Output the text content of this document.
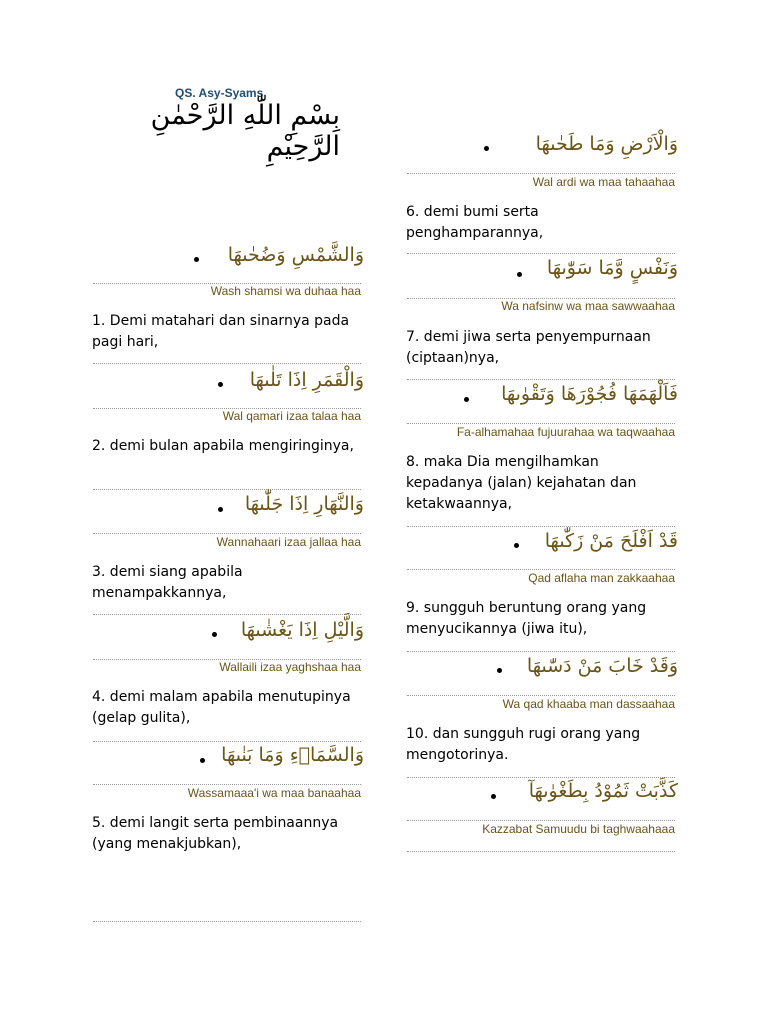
QS. Asy-Syams
بِسْمِ اللّٰهِ الرَّحْمٰنِ الرَّحِيْمِ
وَالشَّمْسِ وَضُحٰىهَا
Wash shamsi wa duhaa haa
1. Demi matahari dan sinarnya pada pagi hari,
وَالْقَمَرِ اِذَا تَلٰىهَا
Wal qamari izaa talaa haa
2. demi bulan apabila mengiringinya,
وَالنَّهَارِ اِذَا جَلّٰىهَا
Wannahaari izaa jallaa haa
3. demi siang apabila menampakkannya,
وَالَّيْلِ اِذَا يَغْشٰىهَا
Wallaili izaa yaghshaa haa
4. demi malam apabila menutupinya (gelap gulita),
وَالسَّمَاۤءِ وَمَا بَنٰىهَا
Wassamaaa'i wa maa banaahaa
5. demi langit serta pembinaannya (yang menakjubkan),
وَالْاَرْضِ وَمَا طَحٰىهَا
Wal ardi wa maa tahaahaa
6. demi bumi serta penghamparannya,
وَنَفْسٍ وَّمَا سَوّٰىهَا
Wa nafsinw wa maa sawwaahaa
7. demi jiwa serta penyempurnaan (ciptaan)nya,
فَاَلْهَمَهَا فُجُوْرَهَا وَتَقْوٰىهَا
Fa-alhamahaa fujuurahaa wa taqwaahaa
8. maka Dia mengilhamkan kepadanya (jalan) kejahatan dan ketakwaannya,
قَدْ اَفْلَحَ مَنْ زَكّٰىهَا
Qad aflaha man zakkaahaa
9. sungguh beruntung orang yang menyucikannya (jiwa itu),
وَقَدْ خَابَ مَنْ دَسّٰىهَا
Wa qad khaaba man dassaahaa
10. dan sungguh rugi orang yang mengotorinya.
كَذَّبَتْ ثَمُوْدُ بِطَغْوٰىهَآ
Kazzabat Samuudu bi taghwaahaaa
